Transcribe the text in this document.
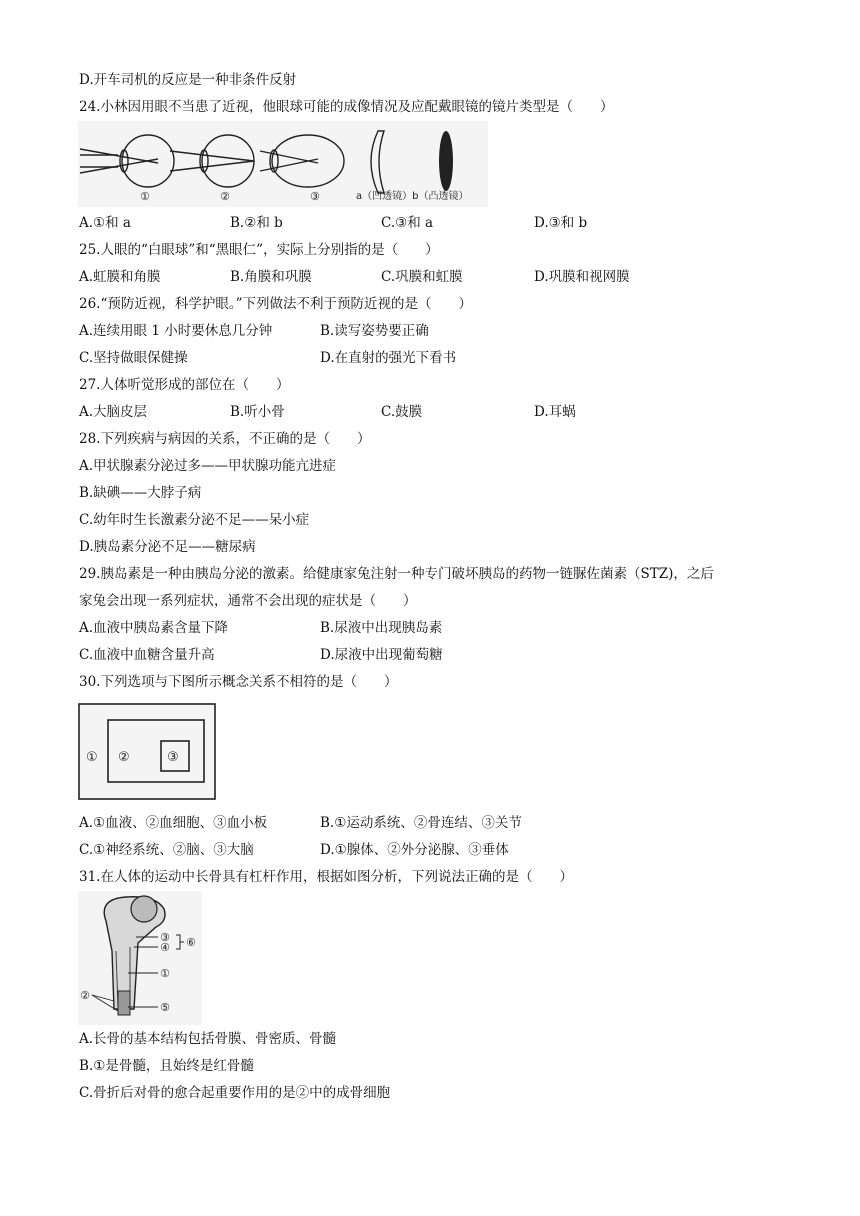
D.开车司机的反应是一种非条件反射
24.小林因用眼不当患了近视，他眼球可能的成像情况及应配戴眼镜的镜片类型是（　　）
①	②	③	a（凹透镜）b（凸透镜）
A.①和 a	B.②和 b	C.③和 a	D.③和 b
25.人眼的“白眼球”和“黑眼仁”，实际上分别指的是（　　）
A.虹膜和角膜	B.角膜和巩膜	C.巩膜和虹膜	D.巩膜和视网膜
26.“预防近视，科学护眼。”下列做法不利于预防近视的是（　　）
A.连续用眼 1 小时要休息几分钟	B.读写姿势要正确
C.坚持做眼保健操	D.在直射的强光下看书
27.人体听觉形成的部位在（　　）
A.大脑皮层	B.听小骨	C.鼓膜	D.耳蜗
28.下列疾病与病因的关系，不正确的是（　　）
A.甲状腺素分泌过多——甲状腺功能亢进症
B.缺碘——大脖子病
C.幼年时生长激素分泌不足——呆小症
D.胰岛素分泌不足——糖尿病
29.胰岛素是一种由胰岛分泌的激素。给健康家兔注射一种专门破坏胰岛的药物一链脲佐菌素（STZ)，之后
家兔会出现一系列症状，通常不会出现的症状是（　　）
A.血液中胰岛素含量下降	B.尿液中出现胰岛素
C.血液中血糖含量升高	D.尿液中出现葡萄糖
30.下列选项与下图所示概念关系不相符的是（　　）
① ②	③
A.①血液、②血细胞、③血小板	B.①运动系统、②骨连结、③关节
C.①神经系统、②脑、③大脑	D.①腺体、②外分泌腺、③垂体
31.在人体的运动中长骨具有杠杆作用，根据如图分析，下列说法正确的是（　　）
③
④ ⑥
①
②
⑤
A.长骨的基本结构包括骨膜、骨密质、骨髓
B.①是骨髓，且始终是红骨髓
C.骨折后对骨的愈合起重要作用的是②中的成骨细胞
